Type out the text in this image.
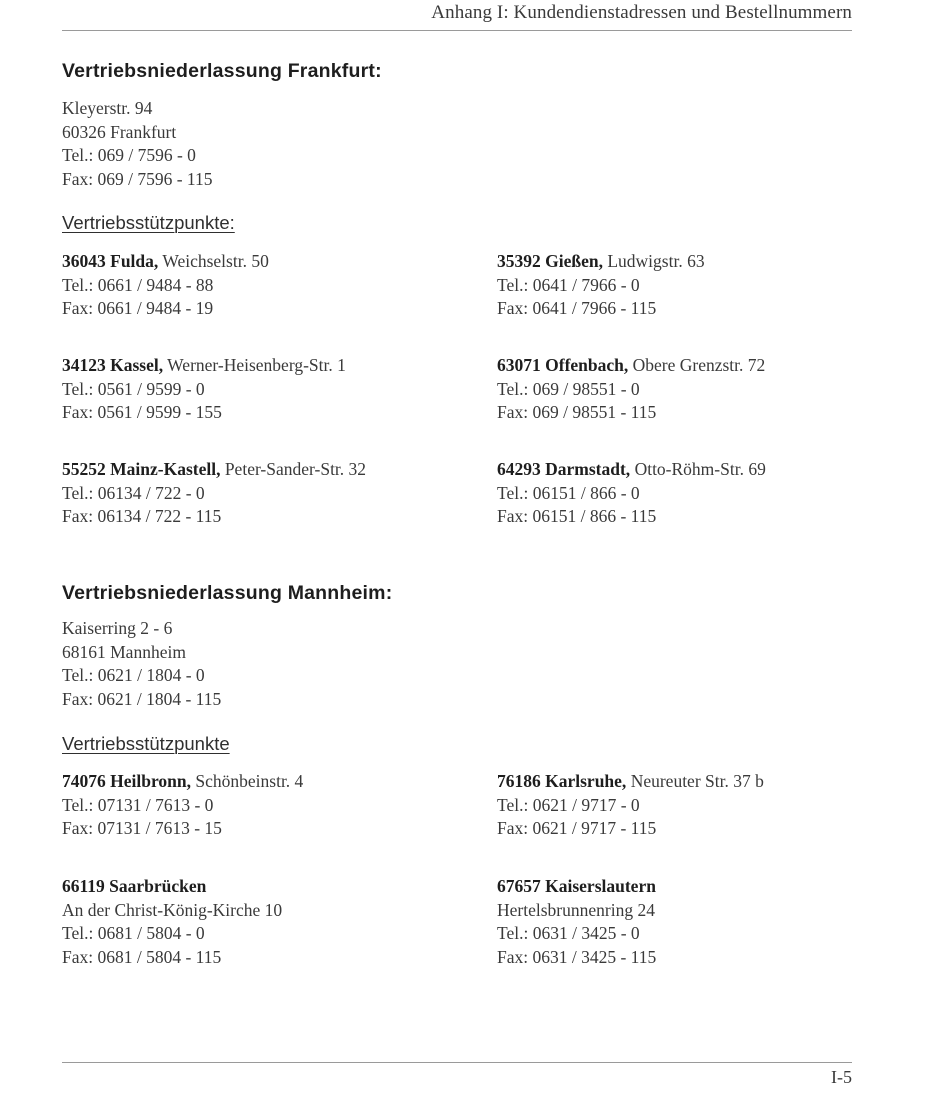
Anhang I: Kundendienstadressen und Bestellnummern
Vertriebsniederlassung Frankfurt:
Kleyerstr. 94
60326 Frankfurt
Tel.: 069 / 7596 - 0
Fax: 069 / 7596 - 115
Vertriebsstützpunkte:
36043 Fulda, Weichselstr. 50
Tel.: 0661 / 9484 - 88
Fax: 0661 / 9484 - 19
35392 Gießen, Ludwigstr. 63
Tel.: 0641 / 7966 - 0
Fax: 0641 / 7966 - 115
34123 Kassel, Werner-Heisenberg-Str. 1
Tel.: 0561 / 9599 - 0
Fax: 0561 / 9599 - 155
63071 Offenbach, Obere Grenzstr. 72
Tel.: 069 / 98551 - 0
Fax: 069 / 98551 - 115
55252 Mainz-Kastell, Peter-Sander-Str. 32
Tel.: 06134 / 722 - 0
Fax: 06134 / 722 - 115
64293 Darmstadt, Otto-Röhm-Str. 69
Tel.: 06151 / 866 - 0
Fax: 06151 / 866 - 115
Vertriebsniederlassung Mannheim:
Kaiserring 2 - 6
68161 Mannheim
Tel.: 0621 / 1804 - 0
Fax: 0621 / 1804 - 115
Vertriebsstützpunkte
74076 Heilbronn, Schönbeinstr. 4
Tel.: 07131 / 7613 - 0
Fax: 07131 / 7613 - 15
76186 Karlsruhe, Neureuter Str. 37 b
Tel.: 0621 / 9717 - 0
Fax: 0621 / 9717 - 115
66119 Saarbrücken
An der Christ-König-Kirche 10
Tel.: 0681 / 5804 - 0
Fax: 0681 / 5804 - 115
67657 Kaiserslautern
Hertelsbrunnenring 24
Tel.: 0631 / 3425 - 0
Fax: 0631 / 3425 - 115
I-5
